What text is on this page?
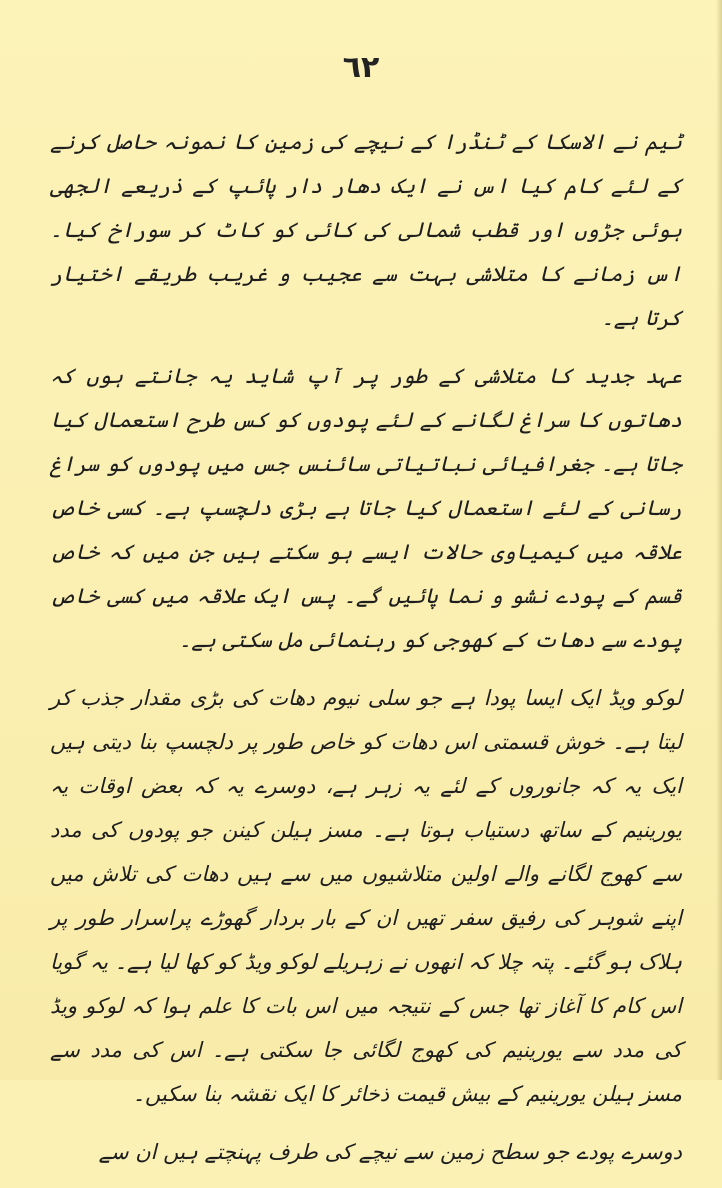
٦٢

ٹیم نے الاسکا کے ٹنڈرا کے نیچے کی زمین کا نمونہ حاصل کرنے کے لئے کام کیا اس نے ایک دھار دار پائپ کے ذریعے الجھی ہوئی جڑوں اور قطب شمالی کی کائی کو کاٹ کر سوراخ کیا۔ اس زمانے کا متلاشی بہت سے عجیب و غریب طریقے اختیار کرتا ہے۔

عہد جدید کا متلاشی کے طور پر آپ شاید یہ جانتے ہوں کہ دھاتوں کا سراغ لگانے کے لئے پودوں کو کس طرح استعمال کیا جاتا ہے۔ جغرافیائی نباتیاتی سائنس جس میں پودوں کو سراغ رسانی کے لئے استعمال کیا جاتا ہے بڑی دلچسپ ہے۔ کسی خاص علاقہ میں کیمیاوی حالات ایسے ہو سکتے ہیں جن میں کہ خاص قسم کے پودے نشو و نما پائیں گے۔ پس ایک علاقہ میں کسی خاص پودے سے دھات کے کھوجی کو رہنمائی مل سکتی ہے۔

لوکو ویڈ ایک ایسا پودا ہے جو سلی نیوم دھات کی بڑی مقدار جذب کر لیتا ہے۔ خوش قسمتی اس دھات کو خاص طور پر دلچسپ بنا دیتی ہیں ایک یہ کہ جانوروں کے لئے یہ زہر ہے، دوسرے یہ کہ بعض اوقات یہ یورینیم کے ساتھ دستیاب ہوتا ہے۔ مسز ہیلن کینن جو پودوں کی مدد سے کھوج لگانے والے اولین متلاشیوں میں سے ہیں دھات کی تلاش میں اپنے شوہر کی رفیق سفر تھیں ان کے بار بردار گھوڑے پراسرار طور پر ہلاک ہو گئے۔ پتہ چلا کہ انھوں نے زہریلے لوکو ویڈ کو کھا لیا ہے۔ یہ گویا اس کام کا آغاز تھا جس کے نتیجہ میں اس بات کا علم ہوا کہ لوکو ویڈ کی مدد سے یورینیم کی کھوج لگائی جا سکتی ہے۔ اس کی مدد سے مسز ہیلن یورینیم کے بیش قیمت ذخائر کا ایک نقشہ بنا سکیں۔

دوسرے پودے جو سطح زمین سے نیچے کی طرف پہنچتے ہیں ان سے
